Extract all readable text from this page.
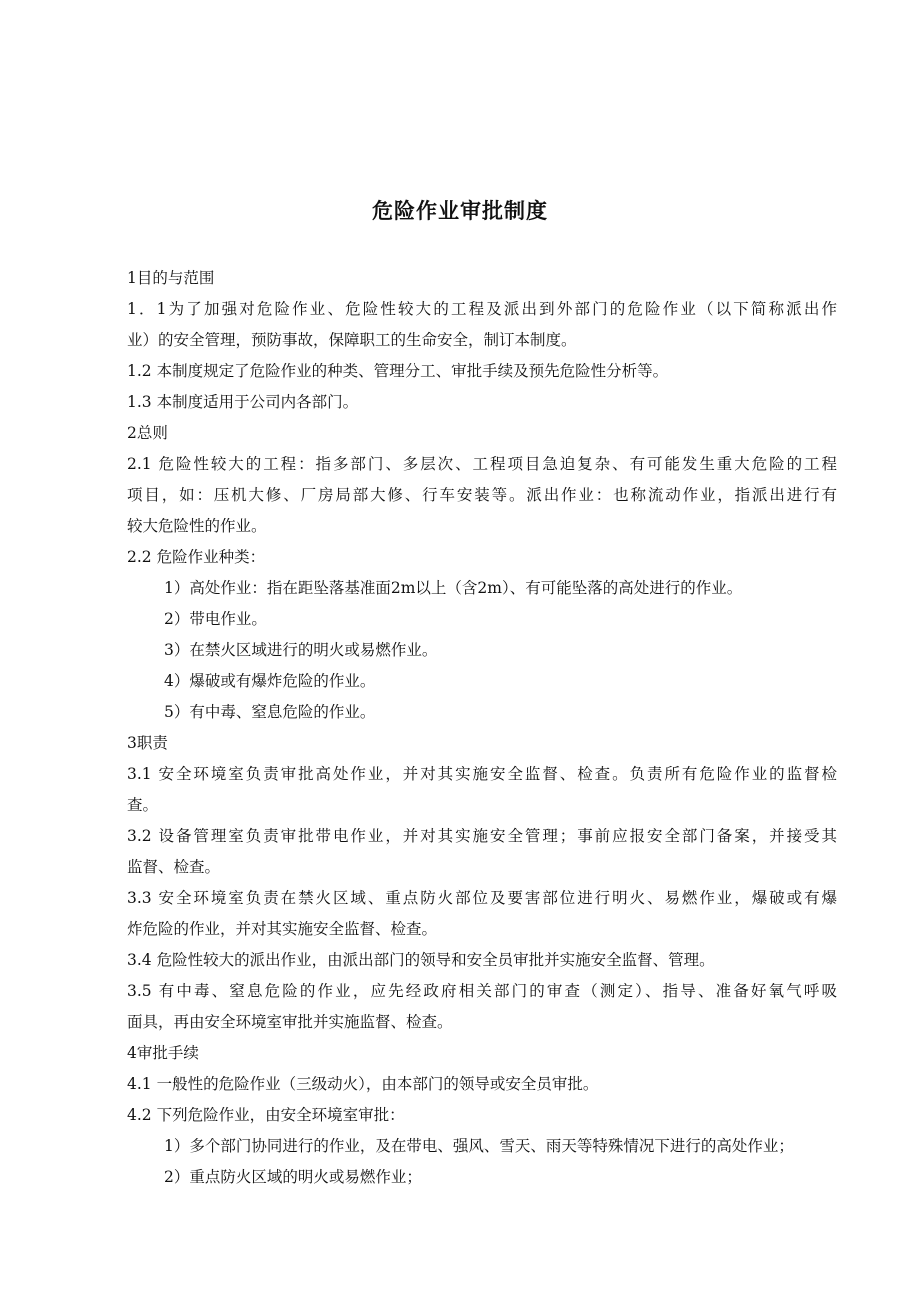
危险作业审批制度
1目的与范围
1．1为了加强对危险作业、危险性较大的工程及派出到外部门的危险作业（以下简称派出作
业）的安全管理，预防事故，保障职工的生命安全，制订本制度。
1.2 本制度规定了危险作业的种类、管理分工、审批手续及预先危险性分析等。
1.3 本制度适用于公司内各部门。
2总则
2.1 危险性较大的工程：指多部门、多层次、工程项目急迫复杂、有可能发生重大危险的工程
项目，如：压机大修、厂房局部大修、行车安装等。派出作业：也称流动作业，指派出进行有
较大危险性的作业。
2.2 危险作业种类：
1）高处作业：指在距坠落基准面2m以上（含2m）、有可能坠落的高处进行的作业。
2）带电作业。
3）在禁火区域进行的明火或易燃作业。
4）爆破或有爆炸危险的作业。
5）有中毒、窒息危险的作业。
3职责
3.1 安全环境室负责审批高处作业，并对其实施安全监督、检查。负责所有危险作业的监督检
查。
3.2 设备管理室负责审批带电作业，并对其实施安全管理；事前应报安全部门备案，并接受其
监督、检查。
3.3 安全环境室负责在禁火区域、重点防火部位及要害部位进行明火、易燃作业，爆破或有爆
炸危险的作业，并对其实施安全监督、检查。
3.4 危险性较大的派出作业，由派出部门的领导和安全员审批并实施安全监督、管理。
3.5 有中毒、窒息危险的作业，应先经政府相关部门的审查（测定）、指导、准备好氧气呼吸
面具，再由安全环境室审批并实施监督、检查。
4审批手续
4.1 一般性的危险作业（三级动火），由本部门的领导或安全员审批。
4.2 下列危险作业，由安全环境室审批：
1）多个部门协同进行的作业，及在带电、强风、雪天、雨天等特殊情况下进行的高处作业；
2）重点防火区域的明火或易燃作业；
